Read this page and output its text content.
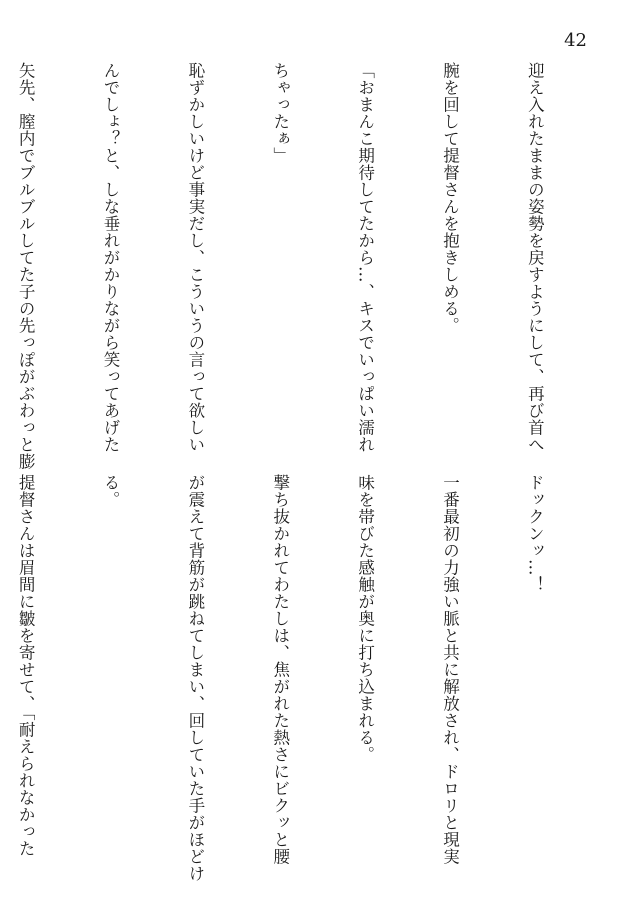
42

迎え入れたままの姿勢を戻すようにして、再び首へ

腕を回して提督さんを抱きしめる。

「おまんこ期待してたから…、キスでいっぱい濡れ

ちゃったぁ」

恥ずかしいけど事実だし、こういうの言って欲しい

んでしょ？と、しな垂れがかりながら笑ってあげた

矢先、膣内でブルブルしてた子の先っぽがぶわっと膨

ドックンッ…！

一番最初の力強い脈と共に解放され、ドロリと現実

味を帯びた感触が奥に打ち込まれる。

撃ち抜かれてわたしは、焦がれた熱さにビクッと腰

が震えて背筋が跳ねてしまい、回していた手がほどけ

る。

提督さんは眉間に皺を寄せて、「耐えられなかった
